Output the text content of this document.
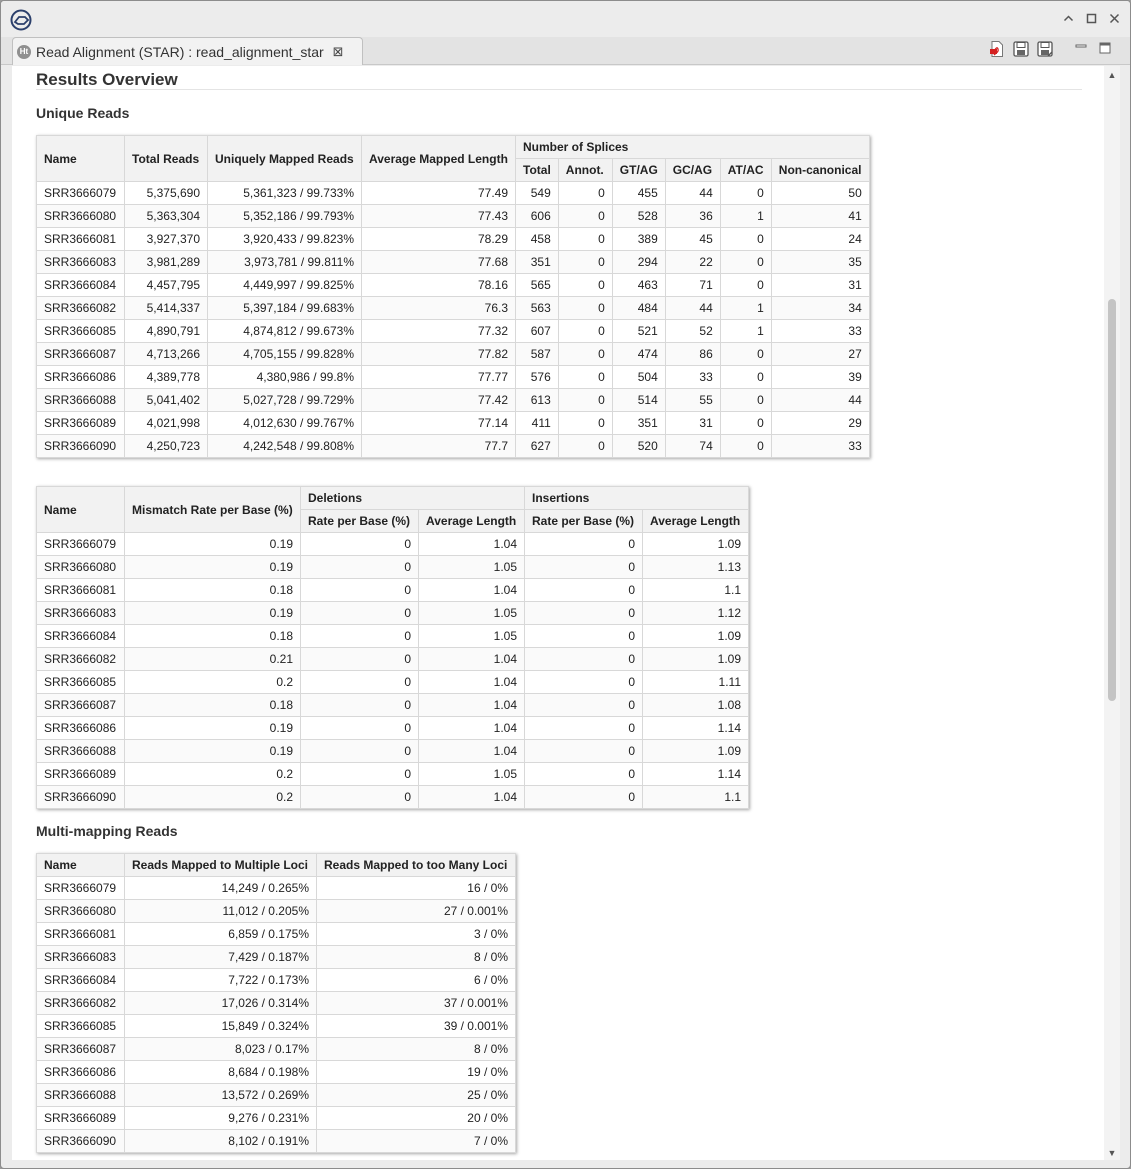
Ht Read Alignment (STAR) : read_alignment_star ⊠
Results Overview
Unique Reads
Name	Total Reads	Uniquely Mapped Reads	Average Mapped Length	Number of Splices					
				Total	Annot.	GT/AG	GC/AG	AT/AC	Non-canonical
SRR3666079	5,375,690	5,361,323 / 99.733%	77.49	549	0	455	44	0	50
SRR3666080	5,363,304	5,352,186 / 99.793%	77.43	606	0	528	36	1	41
SRR3666081	3,927,370	3,920,433 / 99.823%	78.29	458	0	389	45	0	24
SRR3666083	3,981,289	3,973,781 / 99.811%	77.68	351	0	294	22	0	35
SRR3666084	4,457,795	4,449,997 / 99.825%	78.16	565	0	463	71	0	31
SRR3666082	5,414,337	5,397,184 / 99.683%	76.3	563	0	484	44	1	34
SRR3666085	4,890,791	4,874,812 / 99.673%	77.32	607	0	521	52	1	33
SRR3666087	4,713,266	4,705,155 / 99.828%	77.82	587	0	474	86	0	27
SRR3666086	4,389,778	4,380,986 / 99.8%	77.77	576	0	504	33	0	39
SRR3666088	5,041,402	5,027,728 / 99.729%	77.42	613	0	514	55	0	44
SRR3666089	4,021,998	4,012,630 / 99.767%	77.14	411	0	351	31	0	29
SRR3666090	4,250,723	4,242,548 / 99.808%	77.7	627	0	520	74	0	33
Name	Mismatch Rate per Base (%)	Deletions		Insertions	
		Rate per Base (%)	Average Length	Rate per Base (%)	Average Length
SRR3666079	0.19	0	1.04	0	1.09
SRR3666080	0.19	0	1.05	0	1.13
SRR3666081	0.18	0	1.04	0	1.1
SRR3666083	0.19	0	1.05	0	1.12
SRR3666084	0.18	0	1.05	0	1.09
SRR3666082	0.21	0	1.04	0	1.09
SRR3666085	0.2	0	1.04	0	1.11
SRR3666087	0.18	0	1.04	0	1.08
SRR3666086	0.19	0	1.04	0	1.14
SRR3666088	0.19	0	1.04	0	1.09
SRR3666089	0.2	0	1.05	0	1.14
SRR3666090	0.2	0	1.04	0	1.1
Multi-mapping Reads
Name	Reads Mapped to Multiple Loci	Reads Mapped to too Many Loci
SRR3666079	14,249 / 0.265%	16 / 0%
SRR3666080	11,012 / 0.205%	27 / 0.001%
SRR3666081	6,859 / 0.175%	3 / 0%
SRR3666083	7,429 / 0.187%	8 / 0%
SRR3666084	7,722 / 0.173%	6 / 0%
SRR3666082	17,026 / 0.314%	37 / 0.001%
SRR3666085	15,849 / 0.324%	39 / 0.001%
SRR3666087	8,023 / 0.17%	8 / 0%
SRR3666086	8,684 / 0.198%	19 / 0%
SRR3666088	13,572 / 0.269%	25 / 0%
SRR3666089	9,276 / 0.231%	20 / 0%
SRR3666090	8,102 / 0.191%	7 / 0%
▲
▼
